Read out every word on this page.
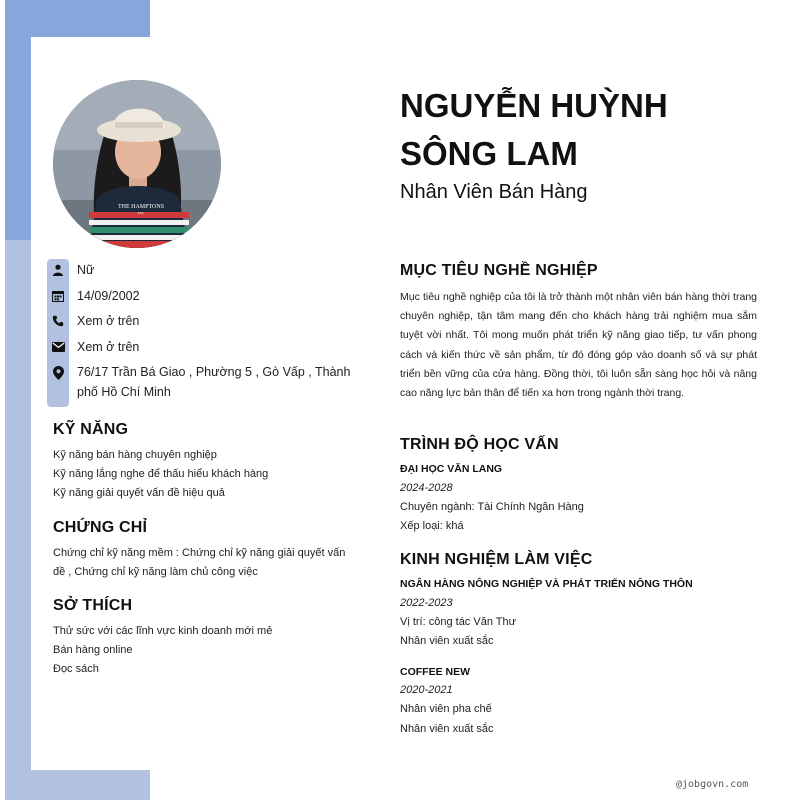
THE HAMPTONS
EST.
Nữ
14/09/2002
Xem ở trên
Xem ở trên
76/17 Trần Bá Giao , Phường 5 , Gò Vấp , Thành phố Hồ Chí Minh
KỸ NĂNG
Kỹ năng bán hàng chuyên nghiệp
Kỹ năng lắng nghe để thấu hiểu khách hàng
Kỹ năng giải quyết vấn đề hiệu quả
CHỨNG CHỈ
Chứng chỉ kỹ năng mềm : Chứng chỉ kỹ năng giải quyết vấn đề , Chứng chỉ kỹ năng làm chủ công việc
SỞ THÍCH
Thử sức với các lĩnh vực kinh doanh mới mẻ
Bán hàng online
Đọc sách
NGUYỄN HUỲNH SÔNG LAM
Nhân Viên Bán Hàng
MỤC TIÊU NGHỀ NGHIỆP

Mục tiêu nghề nghiệp của tôi là trở thành một nhân viên bán hàng thời trang chuyên nghiệp, tận tâm mang đến cho khách hàng trải nghiệm mua sắm tuyệt vời nhất. Tôi mong muốn phát triển kỹ năng giao tiếp, tư vấn phong cách và kiến thức về sản phẩm, từ đó đóng góp vào doanh số và sự phát triển bền vững của cửa hàng. Đồng thời, tôi luôn sẵn sàng học hỏi và nâng cao năng lực bản thân để tiến xa hơn trong ngành thời trang.

TRÌNH ĐỘ HỌC VẤN
ĐẠI HỌC VĂN LANG
2024-2028
Chuyên ngành: Tài Chính Ngân Hàng
Xếp loại: khá
KINH NGHIỆM LÀM VIỆC
NGÂN HÀNG NÔNG NGHIỆP VÀ PHÁT TRIỂN NÔNG THÔN
2022-2023
Vị trí: công tác Văn Thư
Nhân viên xuất sắc
COFFEE NEW
2020-2021
Nhân viên pha chế
Nhân viên xuất sắc
@jobgovn.com
